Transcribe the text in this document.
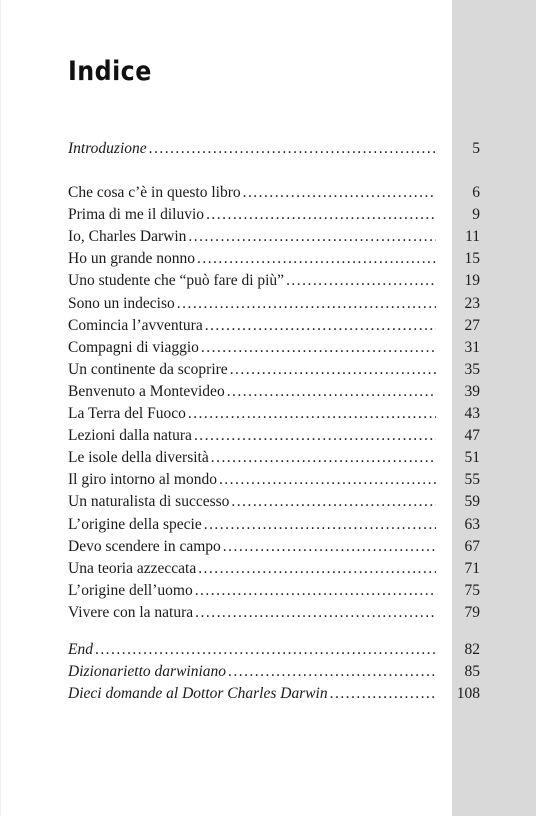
Indice
Introduzione . . .	5
Che cosa c’è in questo libro . . .	6
Prima di me il diluvio . . .	9
Io, Charles Darwin . . .	11
Ho un grande nonno . . .	15
Uno studente che “può fare di più” . . .	19
Sono un indeciso . . .	23
Comincia l’avventura . . .	27
Compagni di viaggio . . .	31
Un continente da scoprire . . .	35
Benvenuto a Montevideo . . .	39
La Terra del Fuoco . . .	43
Lezioni dalla natura . . .	47
Le isole della diversità . . .	51
Il giro intorno al mondo . . .	55
Un naturalista di successo . . .	59
L’origine della specie . . .	63
Devo scendere in campo . . .	67
Una teoria azzeccata . . .	71
L’origine dell’uomo . . .	75
Vivere con la natura . . .	79
End . . .	82
Dizionarietto darwiniano . . .	85
Dieci domande al Dottor Charles Darwin . . .	108
